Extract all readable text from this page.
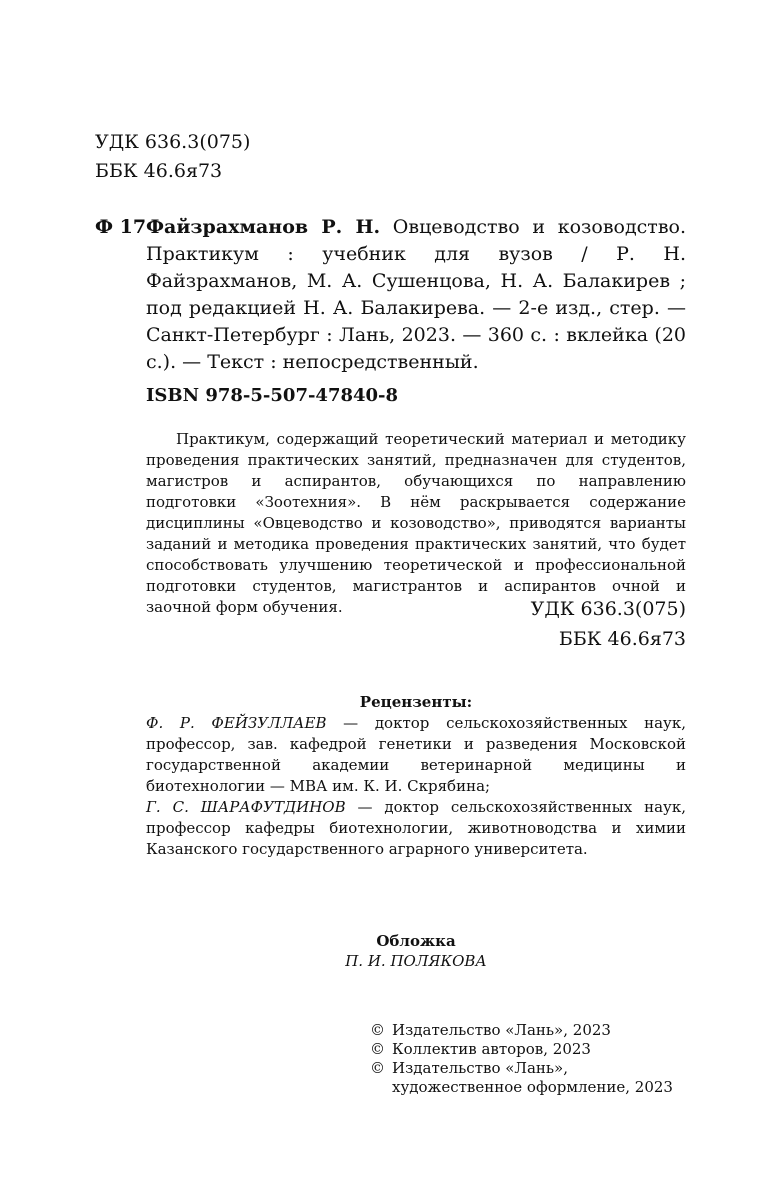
УДК 636.3(075)
ББК 46.6я73
Ф 17 Файзрахманов Р. Н. Овцеводство и козоводство. Практикум : учебник для вузов / Р. Н. Файзрахманов, М. А. Сушенцова, Н. А. Балакирев ; под редакцией Н. А. Балакирева. — 2-е изд., стер. — Санкт-Петербург : Лань, 2023. — 360 с. : вклейка (20 с.). — Текст : непосредственный.
ISBN 978-5-507-47840-8
Практикум, содержащий теоретический материал и методику проведения практических занятий, предназначен для студентов, магистров и аспирантов, обучающихся по направлению подготовки «Зоотехния». В нём раскрывается содержание дисциплины «Овцеводство и козоводство», приводятся варианты заданий и методика проведения практических занятий, что будет способствовать улучшению теоретической и профессиональной подготовки студентов, магистрантов и аспирантов очной и заочной форм обучения.	УДК 636.3(075)
ББК 46.6я73
Рецензенты:

Ф. Р. ФЕЙЗУЛЛАЕВ — доктор сельскохозяйственных наук, профессор, зав. кафедрой генетики и разведения Московской государственной академии ветеринарной медицины и биотехнологии — МВА им. К. И. Скрябина;

Г. С. ШАРАФУТДИНОВ — доктор сельскохозяйственных наук, профессор кафедры биотехнологии, животноводства и химии Казанского государственного аграрного университета.

Обложка
П. И. ПОЛЯКОВА
© Издательство «Лань», 2023
© Коллектив авторов, 2023
© Издательство «Лань»,
художественное оформление, 2023
